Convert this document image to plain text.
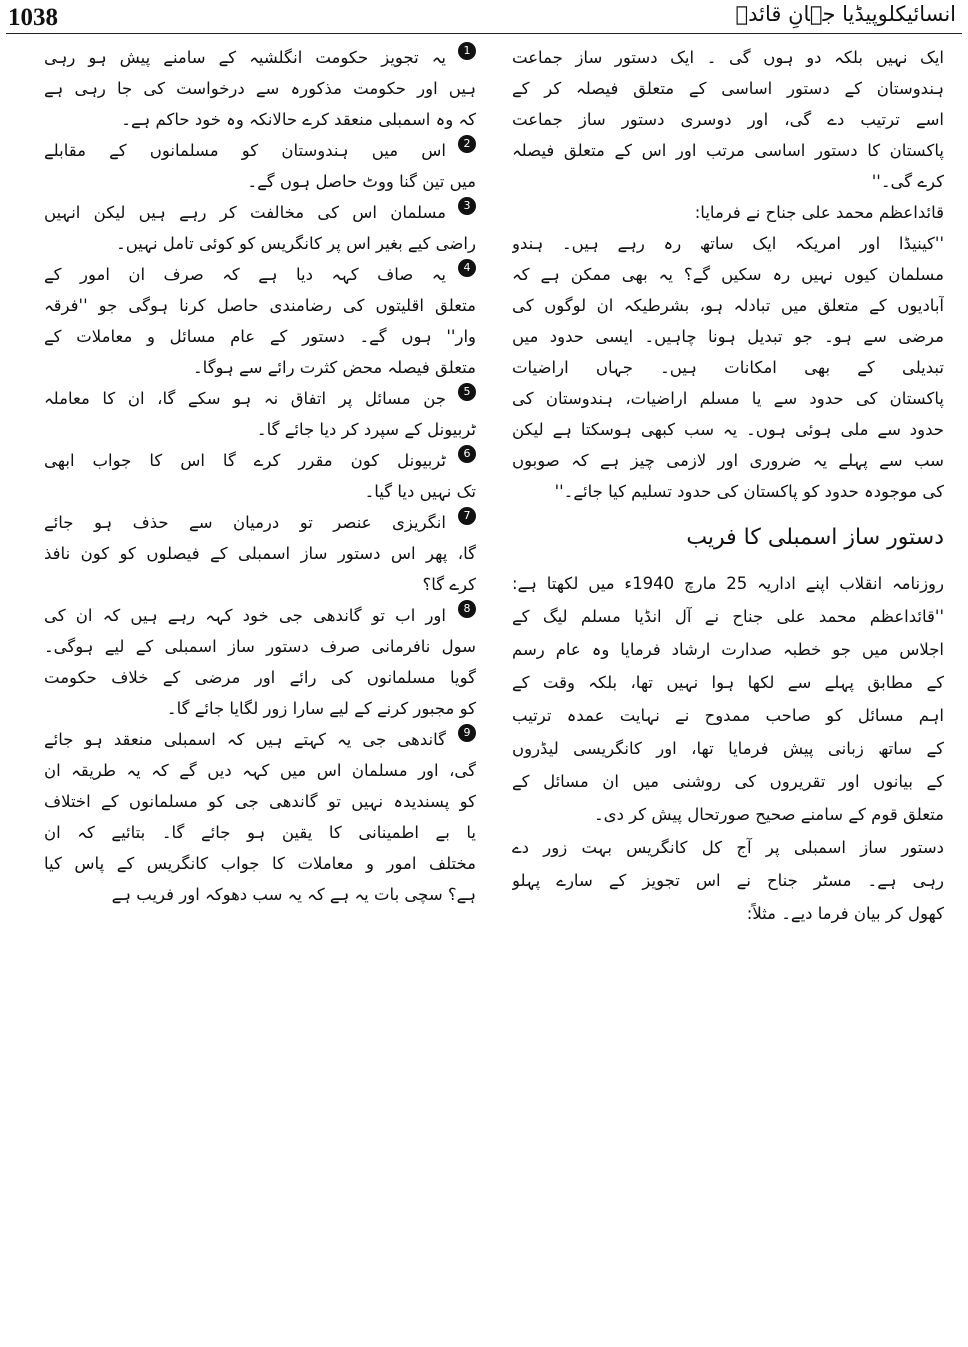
1038	انسائیکلوپیڈیا جہانِ قائدؒ
ایک نہیں بلکہ دو ہوں گی ۔ ایک دستور ساز جماعت
ہندوستان کے دستور اساسی کے متعلق فیصلہ کر کے
اسے ترتیب دے گی، اور دوسری دستور ساز جماعت
پاکستان کا دستور اساسی مرتب اور اس کے متعلق فیصلہ
کرے گی۔''
قائداعظم محمد علی جناح نے فرمایا:
''کینیڈا اور امریکہ ایک ساتھ رہ رہے ہیں۔ ہندو
مسلمان کیوں نہیں رہ سکیں گے؟ یہ بھی ممکن ہے کہ
آبادیوں کے متعلق میں تبادلہ ہو، بشرطیکہ ان لوگوں کی
مرضی سے ہو۔ جو تبدیل ہونا چاہیں۔ ایسی حدود میں
تبدیلی کے بھی امکانات ہیں۔ جہاں اراضیات
پاکستان کی حدود سے یا مسلم اراضیات، ہندوستان کی
حدود سے ملی ہوئی ہوں۔ یہ سب کبھی ہوسکتا ہے لیکن
سب سے پہلے یہ ضروری اور لازمی چیز ہے کہ صوبوں
کی موجودہ حدود کو پاکستان کی حدود تسلیم کیا جائے۔''
دستور ساز اسمبلی کا فریب
روزنامہ انقلاب اپنے اداریہ 25 مارچ 1940ء میں لکھتا ہے:
''قائداعظم محمد علی جناح نے آل انڈیا مسلم لیگ کے
اجلاس میں جو خطبہ صدارت ارشاد فرمایا وہ عام رسم
کے مطابق پہلے سے لکھا ہوا نہیں تھا، بلکہ وقت کے
اہم مسائل کو صاحب ممدوح نے نہایت عمدہ ترتیب
کے ساتھ زبانی پیش فرمایا تھا، اور کانگریسی لیڈروں
کے بیانوں اور تقریروں کی روشنی میں ان مسائل کے
متعلق قوم کے سامنے صحیح صورتحال پیش کر دی۔
دستور ساز اسمبلی پر آج کل کانگریس بہت زور دے
رہی ہے۔ مسٹر جناح نے اس تجویز کے سارے پہلو
کھول کر بیان فرما دیے۔ مثلاً:
1
یہ تجویز حکومت انگلشیہ کے سامنے پیش ہو رہی
ہیں اور حکومت مذکورہ سے درخواست کی جا رہی ہے
کہ وہ اسمبلی منعقد کرے حالانکہ وہ خود حاکم ہے۔
2
اس میں ہندوستان کو مسلمانوں کے مقابلے
میں تین گنا ووٹ حاصل ہوں گے۔
3
مسلمان اس کی مخالفت کر رہے ہیں لیکن انہیں
راضی کیے بغیر اس پر کانگریس کو کوئی تامل نہیں۔
4
یہ صاف کہہ دیا ہے کہ صرف ان امور کے
متعلق اقلیتوں کی رضامندی حاصل کرنا ہوگی جو ''فرقہ
وار'' ہوں گے۔ دستور کے عام مسائل و معاملات کے
متعلق فیصلہ محض کثرت رائے سے ہوگا۔
5
جن مسائل پر اتفاق نہ ہو سکے گا، ان کا معاملہ
ٹربیونل کے سپرد کر دیا جائے گا۔
6
ٹربیونل کون مقرر کرے گا اس کا جواب ابھی
تک نہیں دیا گیا۔
7
انگریزی عنصر تو درمیان سے حذف ہو جائے
گا، پھر اس دستور ساز اسمبلی کے فیصلوں کو کون نافذ
کرے گا؟
8
اور اب تو گاندھی جی خود کہہ رہے ہیں کہ ان کی
سول نافرمانی صرف دستور ساز اسمبلی کے لیے ہوگی۔
گویا مسلمانوں کی رائے اور مرضی کے خلاف حکومت
کو مجبور کرنے کے لیے سارا زور لگایا جائے گا۔
9
گاندھی جی یہ کہتے ہیں کہ اسمبلی منعقد ہو جائے
گی، اور مسلمان اس میں کہہ دیں گے کہ یہ طریقہ ان
کو پسندیدہ نہیں تو گاندھی جی کو مسلمانوں کے اختلاف
یا بے اطمینانی کا یقین ہو جائے گا۔ بتائیے کہ ان
مختلف امور و معاملات کا جواب کانگریس کے پاس کیا
ہے؟ سچی بات یہ ہے کہ یہ سب دھوکہ اور فریب ہے
